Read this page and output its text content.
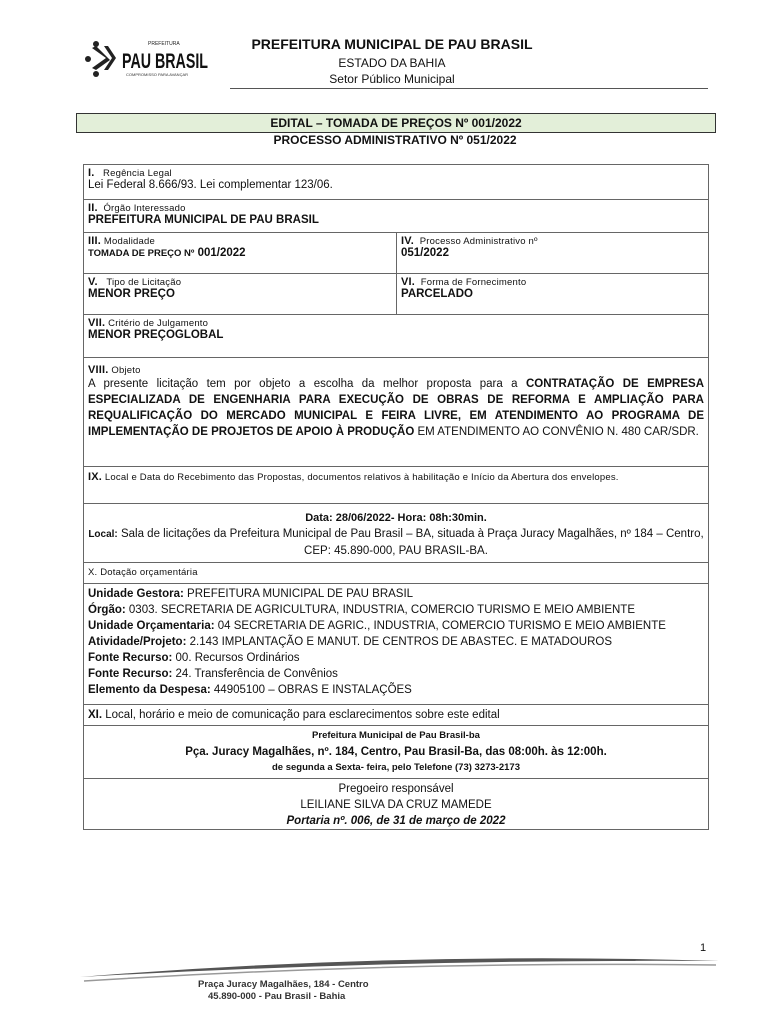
PREFEITURA
PAU BRASIL
COMPROMISSO PARA AVANÇAR
PREFEITURA MUNICIPAL DE PAU BRASIL
ESTADO DA BAHIA
Setor Público Municipal
EDITAL – TOMADA DE PREÇOS Nº 001/2022
PROCESSO ADMINISTRATIVO Nº 051/2022
I. Regência Legal
Lei Federal 8.666/93. Lei complementar 123/06.
II. Órgão Interessado
PREFEITURA MUNICIPAL DE PAU BRASIL
III. Modalidade
TOMADA DE PREÇO Nº 001/2022
IV. Processo Administrativo nº
051/2022
V. Tipo de Licitação
MENOR PREÇO
VI. Forma de Fornecimento
PARCELADO
VII. Critério de Julgamento
MENOR PREÇOGLOBAL
VIII. Objeto
A presente licitação tem por objeto a escolha da melhor proposta para a CONTRATAÇÃO DE EMPRESA ESPECIALIZADA DE ENGENHARIA PARA EXECUÇÃO DE OBRAS DE REFORMA E AMPLIAÇÃO PARA REQUALIFICAÇÃO DO MERCADO MUNICIPAL E FEIRA LIVRE, EM ATENDIMENTO AO PROGRAMA DE IMPLEMENTAÇÃO DE PROJETOS DE APOIO À PRODUÇÃO EM ATENDIMENTO AO CONVÊNIO N. 480 CAR/SDR.
IX. Local e Data do Recebimento das Propostas, documentos relativos à habilitação e Início da Abertura dos envelopes.
Data: 28/06/2022- Hora: 08h:30min.
Local: Sala de licitações da Prefeitura Municipal de Pau Brasil – BA, situada à Praça Juracy Magalhães, nº 184 – Centro, CEP: 45.890-000, PAU BRASIL-BA.
X. Dotação orçamentária
Unidade Gestora: PREFEITURA MUNICIPAL DE PAU BRASIL
Órgão: 0303. SECRETARIA DE AGRICULTURA, INDUSTRIA, COMERCIO TURISMO E MEIO AMBIENTE
Unidade Orçamentaria: 04 SECRETARIA DE AGRIC., INDUSTRIA, COMERCIO TURISMO E MEIO AMBIENTE
Atividade/Projeto: 2.143 IMPLANTAÇÃO E MANUT. DE CENTROS DE ABASTEC. E MATADOUROS
Fonte Recurso: 00. Recursos Ordinários
Fonte Recurso: 24. Transferência de Convênios
Elemento da Despesa: 44905100 – OBRAS E INSTALAÇÕES
XI. Local, horário e meio de comunicação para esclarecimentos sobre este edital
Prefeitura Municipal de Pau Brasil-ba
Pça. Juracy Magalhães, nº. 184, Centro, Pau Brasil-Ba, das 08:00h. às 12:00h.
de segunda a Sexta- feira, pelo Telefone (73) 3273-2173
Pregoeiro responsável
LEILIANE SILVA DA CRUZ MAMEDE
Portaria nº. 006, de 31 de março de 2022
1
Praça Juracy Magalhães, 184 - Centro
45.890-000 - Pau Brasil - Bahia
